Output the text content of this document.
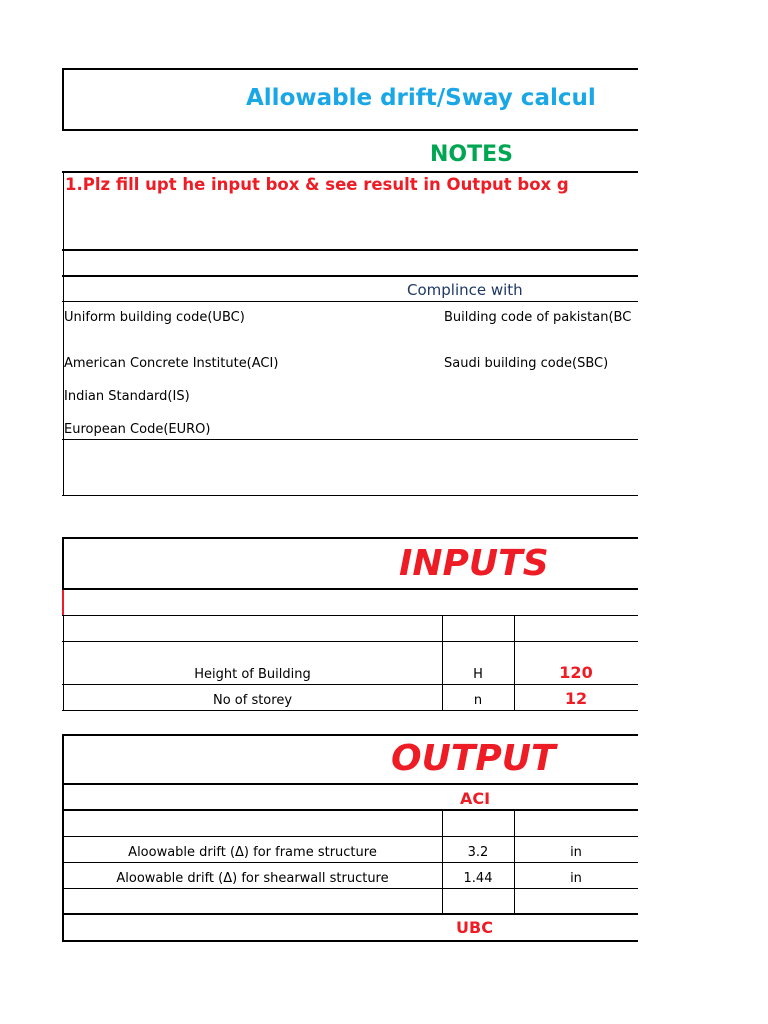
Allowable drift/Sway calcul
NOTES
1.Plz fill upt he input box & see result in Output box g
Complince with
Uniform building code(UBC)	Building code of pakistan(BC
American Concrete Institute(ACI)	Saudi building code(SBC)
Indian Standard(IS)
European Code(EURO)
INPUTS
Height of Building	H	120
No of storey	n	12
OUTPUT
ACI
Aloowable drift (Δ) for frame structure	3.2	in
Aloowable drift (Δ) for shearwall structure	1.44	in
UBC
